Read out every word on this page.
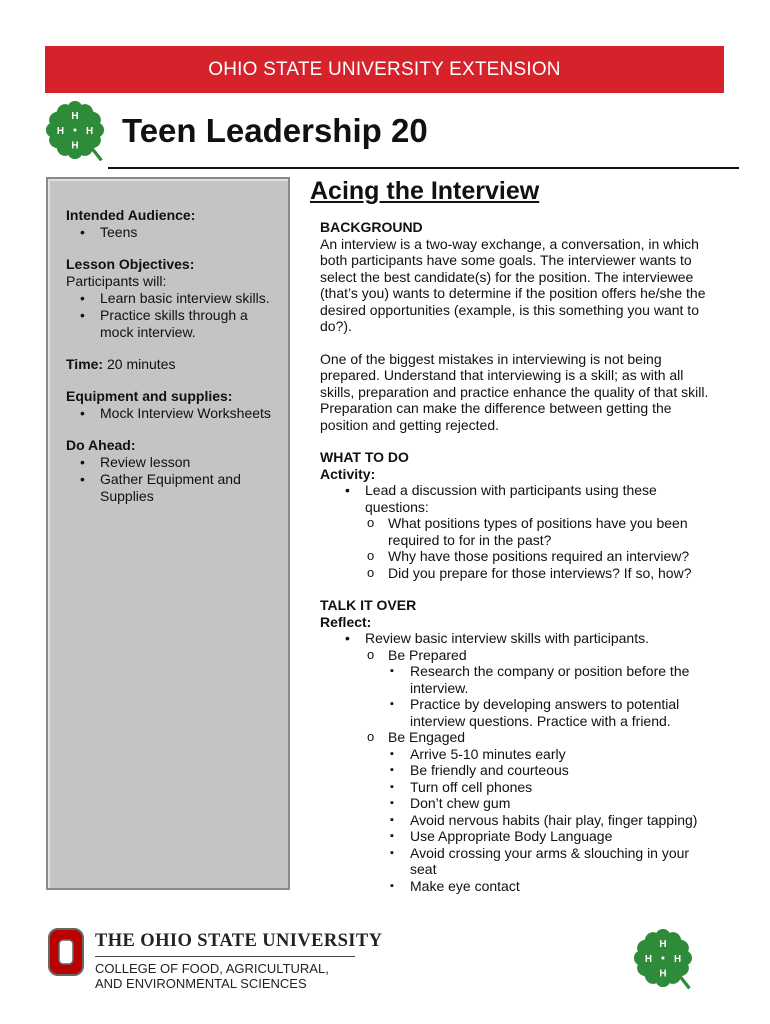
OHIO STATE UNIVERSITY EXTENSION
H
H
H
H Teen Leadership 20

Intended Audience:

• Teens

Lesson Objectives:

Participants will:
• Learn basic interview skills.
• Practice skills through a mock interview.
Time: 20 minutes

Equipment and supplies:

• Mock Interview Worksheets

Do Ahead:

• Review lesson
• Gather Equipment and Supplies
Acing the Interview

BACKGROUND

An interview is a two-way exchange, a conversation, in which both participants have some goals. The interviewer wants to select the best candidate(s) for the position. The interviewee (that’s you) wants to determine if the position offers he/she the desired opportunities (example, is this something you want to do?).

One of the biggest mistakes in interviewing is not being prepared. Understand that interviewing is a skill; as with all skills, preparation and practice enhance the quality of that skill. Preparation can make the difference between getting the position and getting rejected.

WHAT TO DO

Activity:

• Lead a discussion with participants using these questions:
o What positions types of positions have you been required to for in the past?
o Why have those positions required an interview?
o Did you prepare for those interviews? If so, how?

TALK IT OVER

Reflect:

• Review basic interview skills with participants.
o Be Prepared
▪ Research the company or position before the interview.
▪ Practice by developing answers to potential interview questions. Practice with a friend.
o Be Engaged
▪ Arrive 5-10 minutes early
▪ Be friendly and courteous
▪ Turn off cell phones
▪ Don’t chew gum
▪ Avoid nervous habits (hair play, finger tapping)
▪ Use Appropriate Body Language
▪ Avoid crossing your arms & slouching in your seat
▪ Make eye contact
THE OHIO STATE UNIVERSITY
COLLEGE OF FOOD, AGRICULTURAL,
AND ENVIRONMENTAL SCIENCES
H
H
H
H
